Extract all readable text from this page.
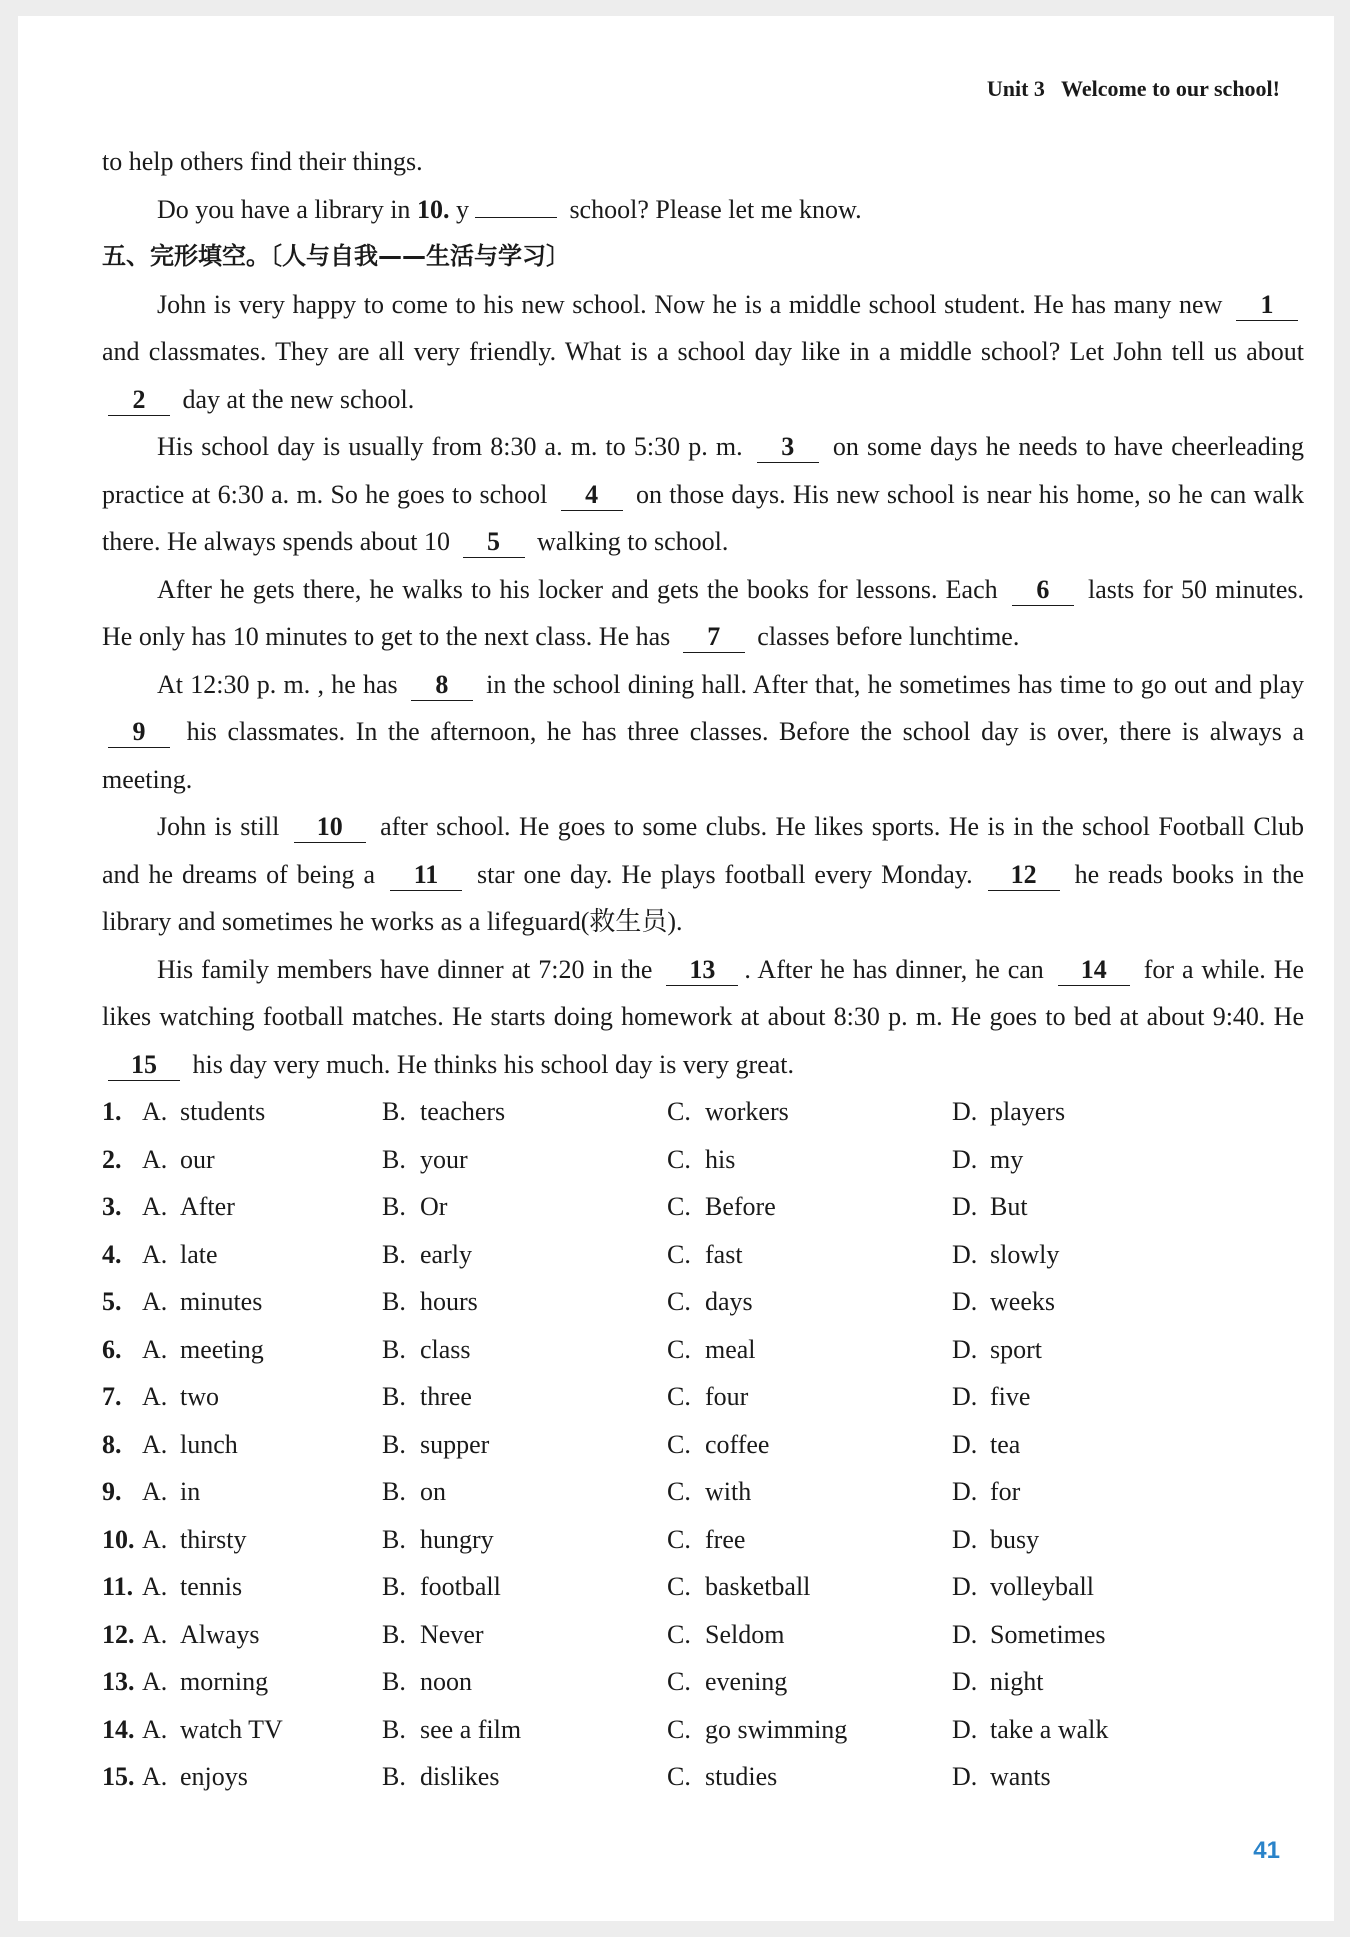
Unit 3 Welcome to our school!

to help others find their things.

Do you have a library in 10. y	school? Please let me know.

五、完形填空。〔人与自我——生活与学习〕

John is very happy to come to his new school. Now he is a middle school student. He has many new 1 and classmates. They are all very friendly. What is a school day like in a middle school? Let John tell us about 2 day at the new school.

His school day is usually from 8:30 a. m. to 5:30 p. m. 3 on some days he needs to have cheerleading practice at 6:30 a. m. So he goes to school 4 on those days. His new school is near his home, so he can walk there. He always spends about 10 5 walking to school.

After he gets there, he walks to his locker and gets the books for lessons. Each 6 lasts for 50 minutes. He only has 10 minutes to get to the next class. He has 7 classes before lunchtime.

At 12:30 p. m. , he has 8 in the school dining hall. After that, he sometimes has time to go out and play 9 his classmates. In the afternoon, he has three classes. Before the school day is over, there is always a meeting.

John is still 10 after school. He goes to some clubs. He likes sports. He is in the school Football Club and he dreams of being a 11 star one day. He plays football every Monday. 12 he reads books in the library and sometimes he works as a lifeguard(救生员).

His family members have dinner at 7:20 in the 13 . After he has dinner, he can 14 for a while. He likes watching football matches. He starts doing homework at about 8:30 p. m. He goes to bed at about 9:40. He 15 his day very much. He thinks his school day is very great.

1. A. students	B. teachers	C. workers	D. players
2. A. our	B. your	C. his	D. my
3. A. After	B. Or	C. Before	D. But
4. A. late	B. early	C. fast	D. slowly
5. A. minutes	B. hours	C. days	D. weeks
6. A. meeting	B. class	C. meal	D. sport
7. A. two	B. three	C. four	D. five
8. A. lunch	B. supper	C. coffee	D. tea
9. A. in	B. on	C. with	D. for
10. A. thirsty	B. hungry	C. free	D. busy
11. A. tennis	B. football	C. basketball	D. volleyball
12. A. Always	B. Never	C. Seldom	D. Sometimes
13. A. morning	B. noon	C. evening	D. night
14. A. watch TV	B. see a film	C. go swimming	D. take a walk
15. A. enjoys	B. dislikes	C. studies	D. wants
41
